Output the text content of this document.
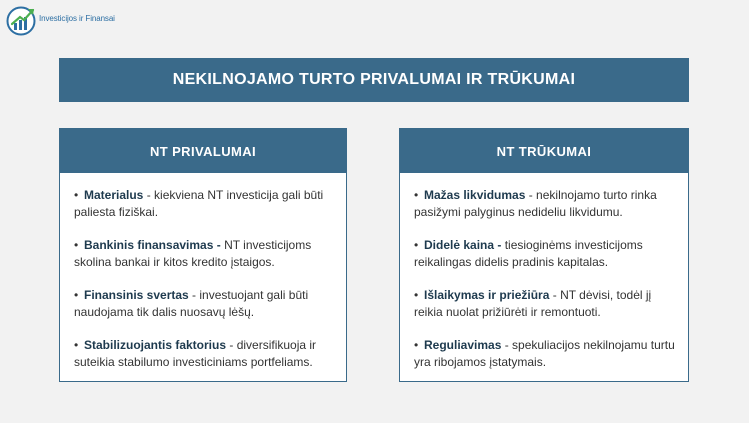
Investicijos ir Finansai
NEKILNOJAMO TURTO PRIVALUMAI IR TRŪKUMAI
NT PRIVALUMAI
• Materialus - kiekviena NT investicija gali būti paliesta fiziškai.
• Bankinis finansavimas - NT investicijoms skolina bankai ir kitos kredito įstaigos.
• Finansinis svertas - investuojant gali būti naudojama tik dalis nuosavų lėšų.
• Stabilizuojantis faktorius - diversifikuoja ir suteikia stabilumo investiciniams portfeliams.
NT TRŪKUMAI
• Mažas likvidumas - nekilnojamo turto rinka pasižymi palyginus nedideliu likvidumu.
• Didelė kaina - tiesioginėms investicijoms reikalingas didelis pradinis kapitalas.
• Išlaikymas ir priežiūra - NT dėvisi, todėl jį reikia nuolat prižiūrėti ir remontuoti.
• Reguliavimas - spekuliacijos nekilnojamu turtu yra ribojamos įstatymais.
